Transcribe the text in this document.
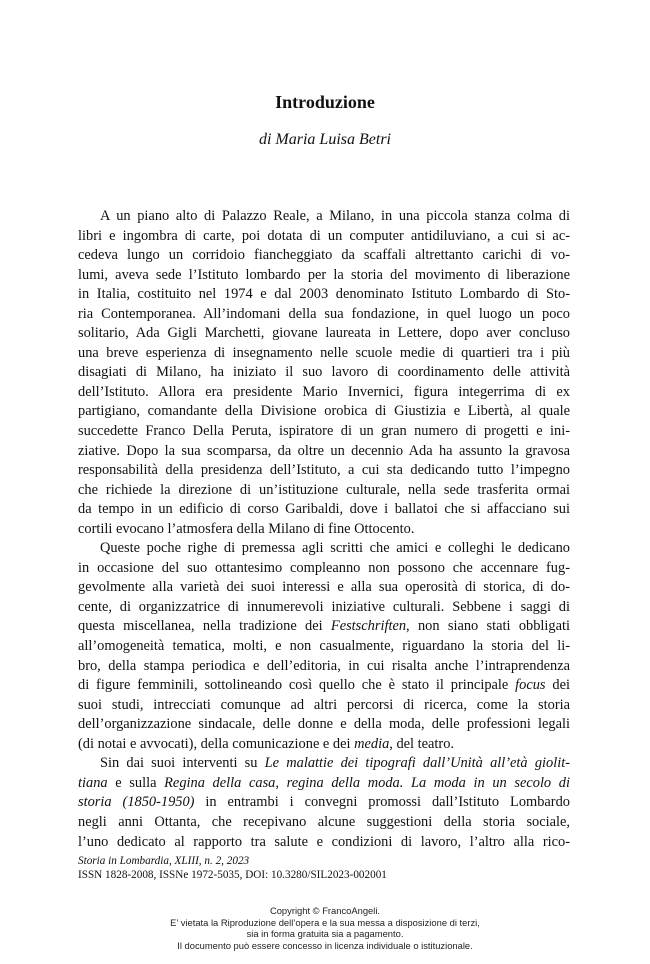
Introduzione
di Maria Luisa Betri
A un piano alto di Palazzo Reale, a Milano, in una piccola stanza colma di
libri e ingombra di carte, poi dotata di un computer antidiluviano, a cui si ac-
cedeva lungo un corridoio fiancheggiato da scaffali altrettanto carichi di vo-
lumi, aveva sede l’Istituto lombardo per la storia del movimento di liberazione
in Italia, costituito nel 1974 e dal 2003 denominato Istituto Lombardo di Sto-
ria Contemporanea. All’indomani della sua fondazione, in quel luogo un poco
solitario, Ada Gigli Marchetti, giovane laureata in Lettere, dopo aver concluso
una breve esperienza di insegnamento nelle scuole medie di quartieri tra i più
disagiati di Milano, ha iniziato il suo lavoro di coordinamento delle attività
dell’Istituto. Allora era presidente Mario Invernici, figura integerrima di ex
partigiano, comandante della Divisione orobica di Giustizia e Libertà, al quale
succedette Franco Della Peruta, ispiratore di un gran numero di progetti e ini-
ziative. Dopo la sua scomparsa, da oltre un decennio Ada ha assunto la gravosa
responsabilità della presidenza dell’Istituto, a cui sta dedicando tutto l’impegno
che richiede la direzione di un’istituzione culturale, nella sede trasferita ormai
da tempo in un edificio di corso Garibaldi, dove i ballatoi che si affacciano sui
cortili evocano l’atmosfera della Milano di fine Ottocento.
Queste poche righe di premessa agli scritti che amici e colleghi le dedicano
in occasione del suo ottantesimo compleanno non possono che accennare fug-
gevolmente alla varietà dei suoi interessi e alla sua operosità di storica, di do-
cente, di organizzatrice di innumerevoli iniziative culturali. Sebbene i saggi di
questa miscellanea, nella tradizione dei Festschriften, non siano stati obbligati
all’omogeneità tematica, molti, e non casualmente, riguardano la storia del li-
bro, della stampa periodica e dell’editoria, in cui risalta anche l’intraprendenza
di figure femminili, sottolineando così quello che è stato il principale focus dei
suoi studi, intrecciati comunque ad altri percorsi di ricerca, come la storia
dell’organizzazione sindacale, delle donne e della moda, delle professioni legali
(di notai e avvocati), della comunicazione e dei media, del teatro.
Sin dai suoi interventi su Le malattie dei tipografi dall’Unità all’età giolit-
tiana e sulla Regina della casa, regina della moda. La moda in un secolo di
storia (1850-1950) in entrambi i convegni promossi dall’Istituto Lombardo
negli anni Ottanta, che recepivano alcune suggestioni della storia sociale,
l’uno dedicato al rapporto tra salute e condizioni di lavoro, l’altro alla rico-
Storia in Lombardia, XLIII, n. 2, 2023
ISSN 1828-2008, ISSNe 1972-5035, DOI: 10.3280/SIL2023-002001
Copyright © FrancoAngeli.
E’ vietata la Riproduzione dell’opera e la sua messa a disposizione di terzi,
sia in forma gratuita sia a pagamento.
Il documento può essere concesso in licenza individuale o istituzionale.
